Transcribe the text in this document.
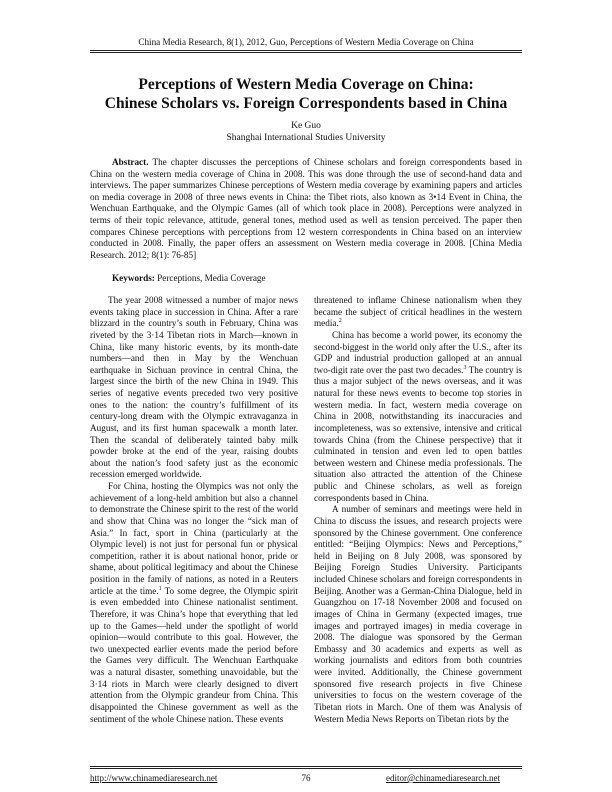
China Media Research, 8(1), 2012, Guo, Perceptions of Western Media Coverage on China
Perceptions of Western Media Coverage on China:
Chinese Scholars vs. Foreign Correspondents based in China
Ke Guo
Shanghai International Studies University
Abstract. The chapter discusses the perceptions of Chinese scholars and foreign correspondents based in China on the western media coverage of China in 2008. This was done through the use of second-hand data and interviews. The paper summarizes Chinese perceptions of Western media coverage by examining papers and articles on media coverage in 2008 of three news events in China: the Tibet riots, also known as 3•14 Event in China, the Wenchuan Earthquake, and the Olympic Games (all of which took place in 2008). Perceptions were analyzed in terms of their topic relevance, attitude, general tones, method used as well as tension perceived. The paper then compares Chinese perceptions with perceptions from 12 western correspondents in China based on an interview conducted in 2008. Finally, the paper offers an assessment on Western media coverage in 2008. [China Media Research. 2012; 8(1): 76-85]
Keywords: Perceptions, Media Coverage

The year 2008 witnessed a number of major news events taking place in succession in China. After a rare blizzard in the country’s south in February, China was riveted by the 3·14 Tibetan riots in March—known in China, like many historic events, by its month-date numbers—and then in May by the Wenchuan earthquake in Sichuan province in central China, the largest since the birth of the new China in 1949. This series of negative events preceded two very positive ones to the nation: the country’s fulfillment of its century-long dream with the Olympic extravaganza in August, and its first human spacewalk a month later. Then the scandal of deliberately tainted baby milk powder broke at the end of the year, raising doubts about the nation’s food safety just as the economic recession emerged worldwide.

For China, hosting the Olympics was not only the achievement of a long-held ambition but also a channel to demonstrate the Chinese spirit to the rest of the world and show that China was no longer the “sick man of Asia.” In fact, sport in China (particularly at the Olympic level) is not just for personal fun or physical competition, rather it is about national honor, pride or shame, about political legitimacy and about the Chinese position in the family of nations, as noted in a Reuters article at the time.$^1$ To some degree, the Olympic spirit is even embedded into Chinese nationalist sentiment. Therefore, it was China’s hope that everything that led up to the Games—held under the spotlight of world opinion—would contribute to this goal. However, the two unexpected earlier events made the period before the Games very difficult. The Wenchuan Earthquake was a natural disaster, something unavoidable, but the 3·14 riots in March were clearly designed to divert attention from the Olympic grandeur from China. This disappointed the Chinese government as well as the sentiment of the whole Chinese nation. These events

threatened to inflame Chinese nationalism when they became the subject of critical headlines in the western media.$^2$

China has become a world power, its economy the second-biggest in the world only after the U.S., after its GDP and industrial production galloped at an annual two-digit rate over the past two decades.$^3$ The country is thus a major subject of the news overseas, and it was natural for these news events to become top stories in western media. In fact, western media coverage on China in 2008, notwithstanding its inaccuracies and incompleteness, was so extensive, intensive and critical towards China (from the Chinese perspective) that it culminated in tension and even led to open battles between western and Chinese media professionals. The situation also attracted the attention of the Chinese public and Chinese scholars, as well as foreign correspondents based in China.

A number of seminars and meetings were held in China to discuss the issues, and research projects were sponsored by the Chinese government. One conference entitled: “Beijing Olympics: News and Perceptions,” held in Beijing on 8 July 2008, was sponsored by Beijing Foreign Studies University. Participants included Chinese scholars and foreign correspondents in Beijing. Another was a German-China Dialogue, held in Guangzhou on 17-18 November 2008 and focused on images of China in Germany (expected images, true images and portrayed images) in media coverage in 2008. The dialogue was sponsored by the German Embassy and 30 academics and experts as well as working journalists and editors from both countries were invited. Additionally, the Chinese government sponsored five research projects in five Chinese universities to focus on the western coverage of the Tibetan riots in March. One of them was Analysis of Western Media News Reports on Tibetan riots by the

http://www.chinamediaresearch.net	76	editor@chinamediaresearch.net
